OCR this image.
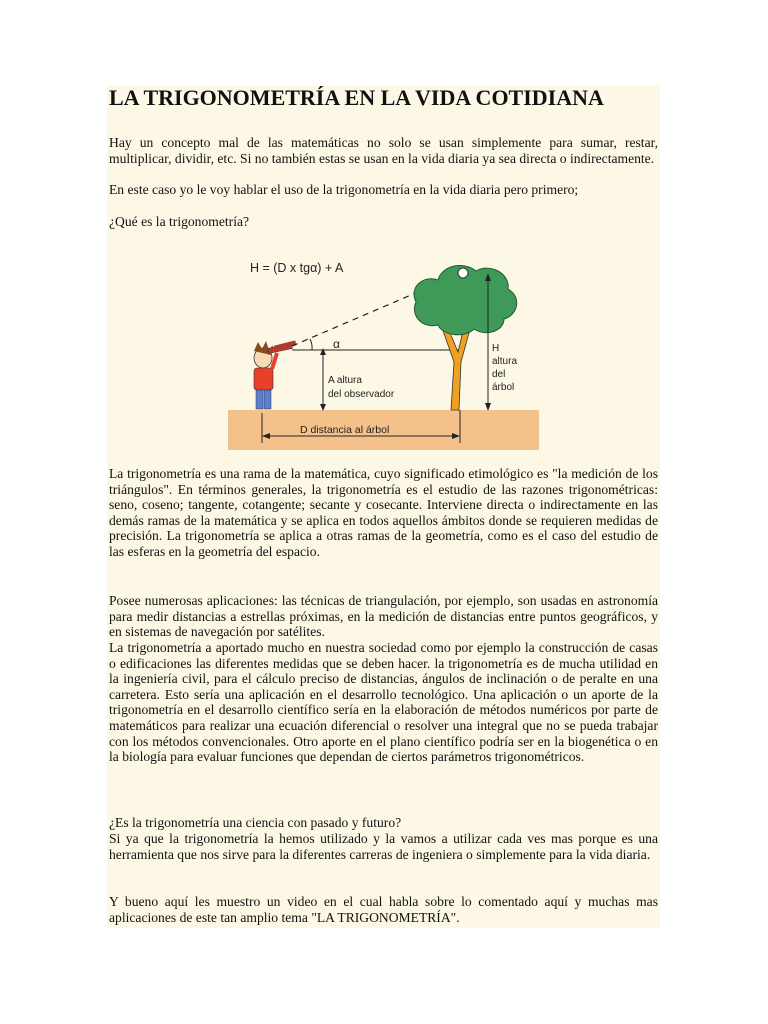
LA TRIGONOMETRÍA EN LA VIDA COTIDIANA

Hay un concepto mal de las matemáticas no solo se usan simplemente para sumar, restar, multiplicar, dividir, etc. Si no también estas se usan en la vida diaria ya sea directa o indirectamente.

En este caso yo le voy hablar el uso de la trigonometría en la vida diaria pero primero;

¿Qué es la trigonometría?

H = (D x tgα) + A
A altura
del observador
α	H
altura
del
árbol
D distancia al árbol

La trigonometría es una rama de la matemática, cuyo significado etimológico es "la medición de los triángulos". En términos generales, la trigonometría es el estudio de las razones trigonométricas: seno, coseno; tangente, cotangente; secante y cosecante. Interviene directa o indirectamente en las demás ramas de la matemática y se aplica en todos aquellos ámbitos donde se requieren medidas de precisión. La trigonometría se aplica a otras ramas de la geometría, como es el caso del estudio de las esferas en la geometría del espacio.

Posee numerosas aplicaciones: las técnicas de triangulación, por ejemplo, son usadas en astronomía para medir distancias a estrellas próximas, en la medición de distancias entre puntos geográficos, y en sistemas de navegación por satélites.

La trigonometría a aportado mucho en nuestra sociedad como por ejemplo la construcción de casas o edificaciones las diferentes medidas que se deben hacer. la trigonometría es de mucha utilidad en la ingeniería civil, para el cálculo preciso de distancias, ángulos de inclinación o de peralte en una carretera. Esto sería una aplicación en el desarrollo tecnológico. Una aplicación o un aporte de la trigonometría en el desarrollo científico sería en la elaboración de métodos numéricos por parte de matemáticos para realizar una ecuación diferencial o resolver una integral que no se pueda trabajar con los métodos convencionales. Otro aporte en el plano científico podría ser en la biogenética o en la biología para evaluar funciones que dependan de ciertos parámetros trigonométricos.

¿Es la trigonometría una ciencia con pasado y futuro?

Si ya que la trigonometría la hemos utilizado y la vamos a utilizar cada ves mas porque es una herramienta que nos sirve para la diferentes carreras de ingeniera o simplemente para la vida diaria.

Y bueno aquí les muestro un video en el cual habla sobre lo comentado aquí y muchas mas aplicaciones de este tan amplio tema "LA TRIGONOMETRÍA".
